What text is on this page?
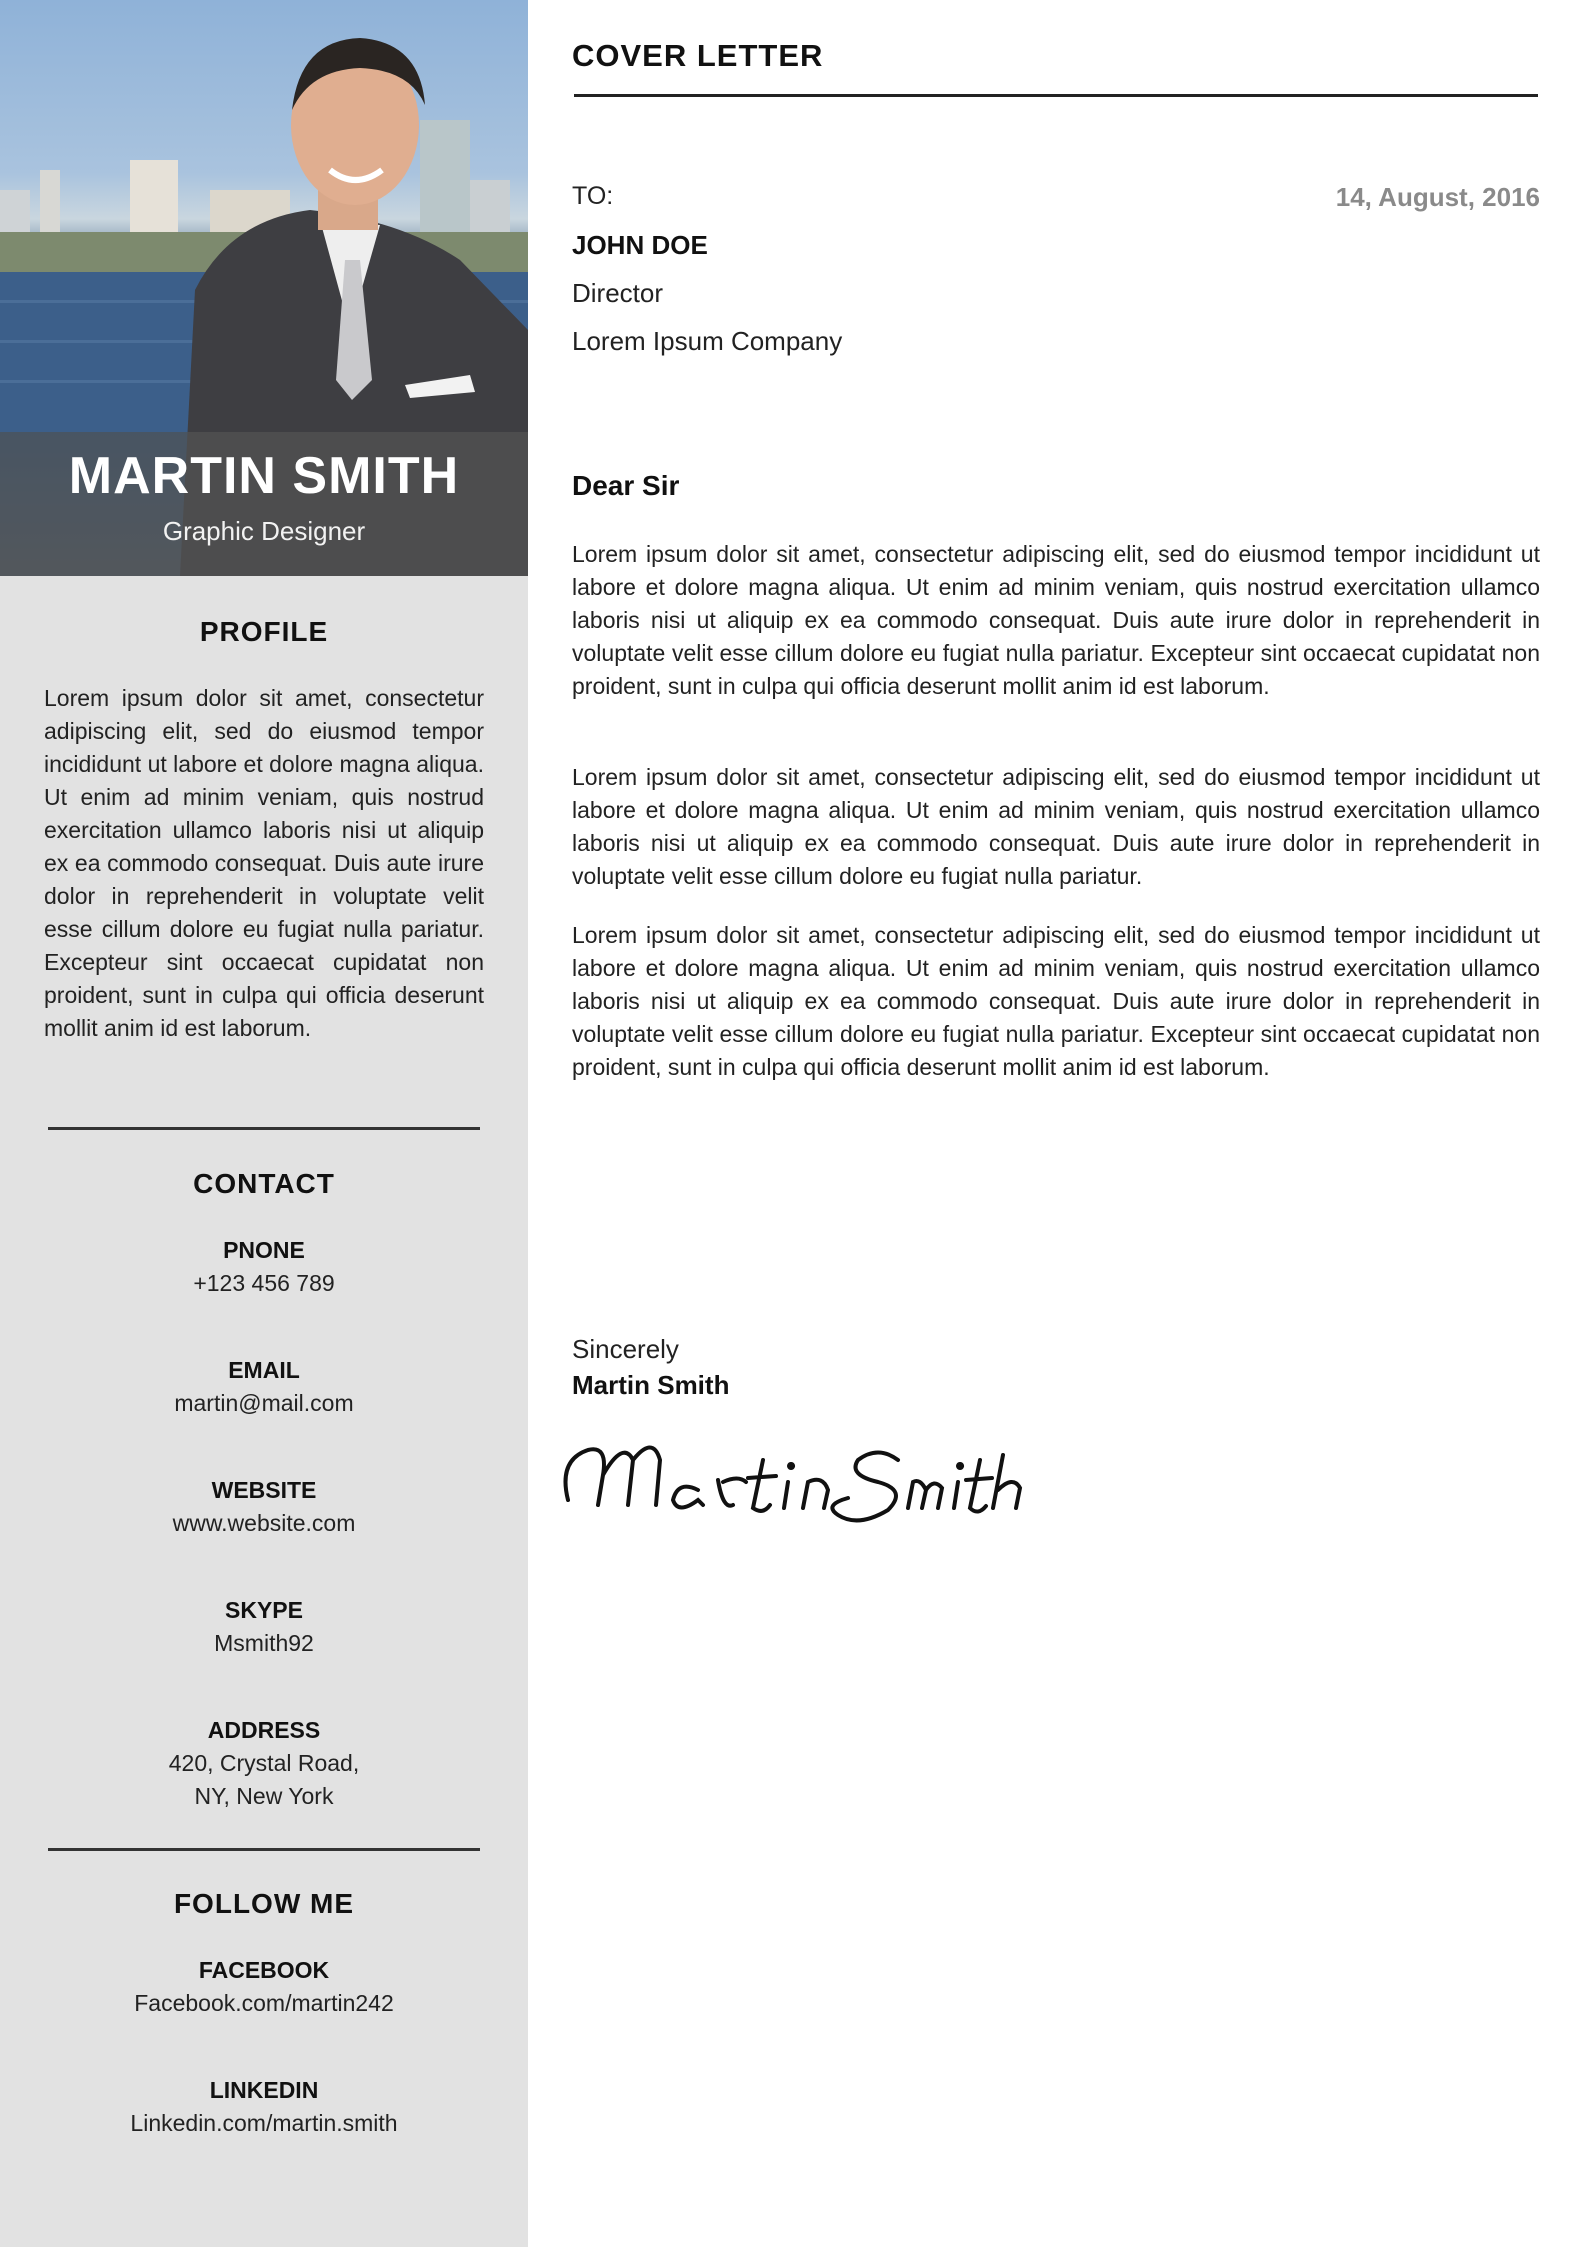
MARTIN SMITH
Graphic Designer
PROFILE
Lorem ipsum dolor sit amet, consectetur adipiscing elit, sed do eiusmod tempor incididunt ut labore et dolore magna aliqua. Ut enim ad minim veniam, quis nostrud exercitation ullamco laboris nisi ut aliquip ex ea commodo consequat. Duis aute irure dolor in reprehenderit in voluptate velit esse cillum dolore eu fugiat nulla pariatur. Excepteur sint occaecat cupidatat non proident, sunt in culpa qui officia deserunt mollit anim id est laborum.
CONTACT
PNONE
+123 456 789
EMAIL
martin@mail.com
WEBSITE
www.website.com
SKYPE
Msmith92
ADDRESS
420, Crystal Road,
NY, New York
FOLLOW ME
FACEBOOK
Facebook.com/martin242
LINKEDIN
Linkedin.com/martin.smith
COVER LETTER
TO:	14, August, 2016
JOHN DOE
Director
Lorem Ipsum Company
Dear Sir
Lorem ipsum dolor sit amet, consectetur adipiscing elit, sed do eiusmod tempor incididunt ut labore et dolore magna aliqua. Ut enim ad minim veniam, quis nostrud exercitation ullamco laboris nisi ut aliquip ex ea commodo consequat. Duis aute irure dolor in reprehenderit in voluptate velit esse cillum dolore eu fugiat nulla pariatur. Excepteur sint occaecat cupidatat non proident, sunt in culpa qui officia deserunt mollit anim id est laborum.
Lorem ipsum dolor sit amet, consectetur adipiscing elit, sed do eiusmod tempor incididunt ut labore et dolore magna aliqua. Ut enim ad minim veniam, quis nostrud exercitation ullamco laboris nisi ut aliquip ex ea commodo consequat. Duis aute irure dolor in reprehenderit in voluptate velit esse cillum dolore eu fugiat nulla pariatur.
Lorem ipsum dolor sit amet, consectetur adipiscing elit, sed do eiusmod tempor incididunt ut labore et dolore magna aliqua. Ut enim ad minim veniam, quis nostrud exercitation ullamco laboris nisi ut aliquip ex ea commodo consequat. Duis aute irure dolor in reprehenderit in voluptate velit esse cillum dolore eu fugiat nulla pariatur. Excepteur sint occaecat cupidatat non proident, sunt in culpa qui officia deserunt mollit anim id est laborum.
Sincerely
Martin Smith
